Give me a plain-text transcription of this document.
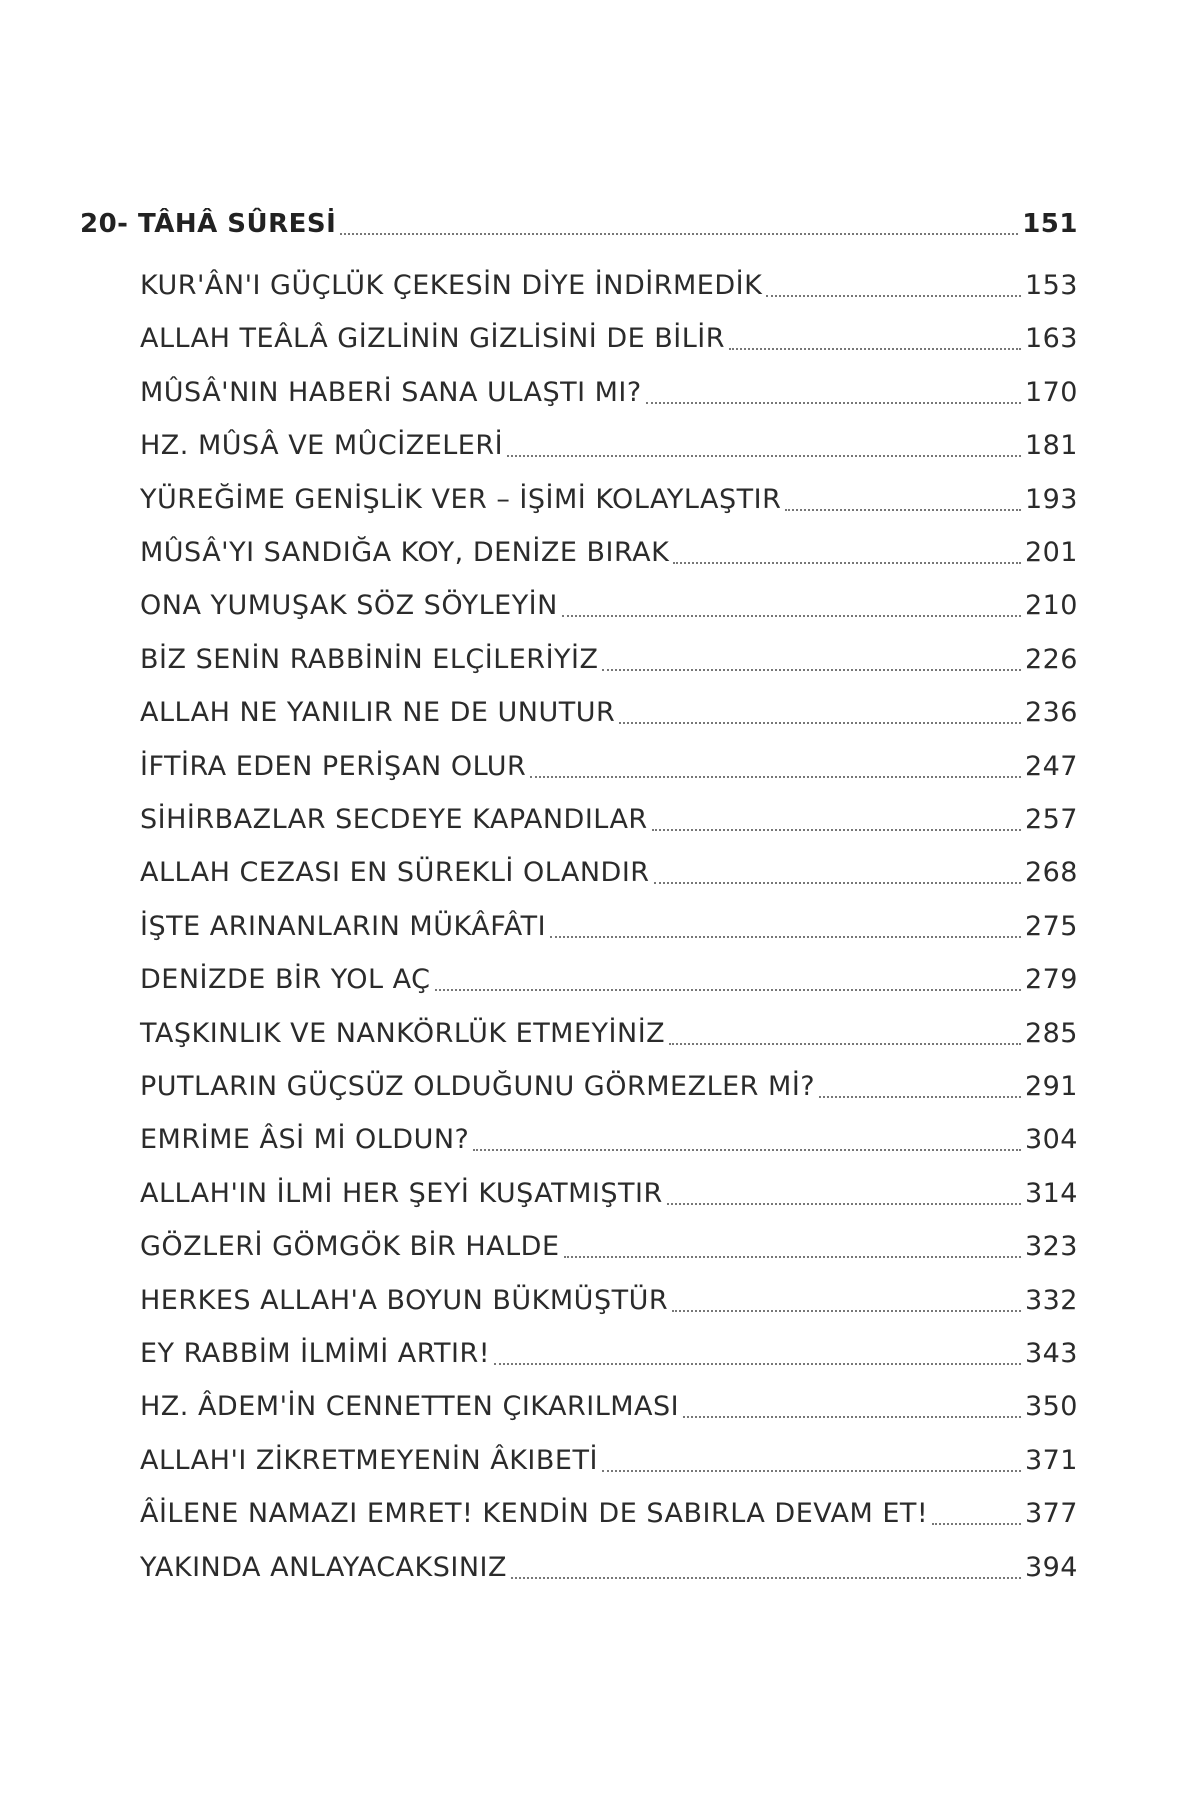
20- TÂHÂ SÛRESİ	151
KUR'ÂN'I GÜÇLÜK ÇEKESİN DİYE İNDİRMEDİK	153
ALLAH TEÂLÂ GİZLİNİN GİZLİSİNİ DE BİLİR	163
MÛSÂ'NIN HABERİ SANA ULAŞTI MI?	170
HZ. MÛSÂ VE MÛCİZELERİ	181
YÜREĞİME GENİŞLİK VER – İŞİMİ KOLAYLAŞTIR	193
MÛSÂ'YI SANDIĞA KOY, DENİZE BIRAK	201
ONA YUMUŞAK SÖZ SÖYLEYİN	210
BİZ SENİN RABBİNİN ELÇİLERİYİZ	226
ALLAH NE YANILIR NE DE UNUTUR	236
İFTİRA EDEN PERİŞAN OLUR	247
SİHİRBAZLAR SECDEYE KAPANDILAR	257
ALLAH CEZASI EN SÜREKLİ OLANDIR	268
İŞTE ARINANLARIN MÜKÂFÂTI	275
DENİZDE BİR YOL AÇ	279
TAŞKINLIK VE NANKÖRLÜK ETMEYİNİZ	285
PUTLARIN GÜÇSÜZ OLDUĞUNU GÖRMEZLER Mİ?	291
EMRİME ÂSİ Mİ OLDUN?	304
ALLAH'IN İLMİ HER ŞEYİ KUŞATMIŞTIR	314
GÖZLERİ GÖMGÖK BİR HALDE	323
HERKES ALLAH'A BOYUN BÜKMÜŞTÜR	332
EY RABBİM İLMİMİ ARTIR!	343
HZ. ÂDEM'İN CENNETTEN ÇIKARILMASI	350
ALLAH'I ZİKRETMEYENİN ÂKIBETİ	371
ÂİLENE NAMAZI EMRET! KENDİN DE SABIRLA DEVAM ET!	377
YAKINDA ANLAYACAKSINIZ	394
